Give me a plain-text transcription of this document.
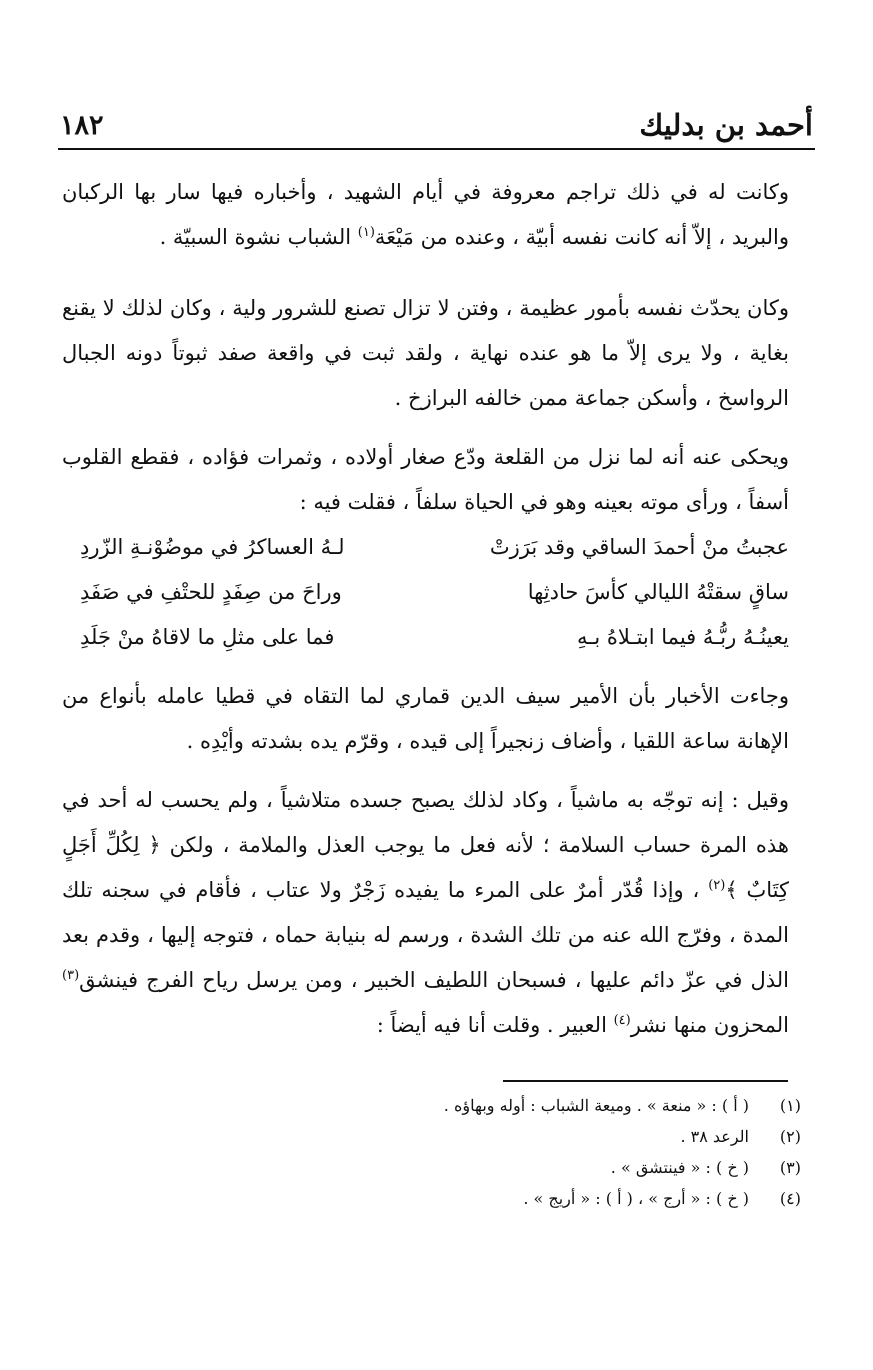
أحمد بن بدليك
١٨٢

وكانت له في ذلك تراجم معروفة في أيام الشهيد ، وأخباره فيها سار بها الركبان والبريد ، إلاّ أنه كانت نفسه أبيّة ، وعنده من مَيْعَة$^{(١)}$ الشباب نشوة السبيّة .

وكان يحدّث نفسه بأمور عظيمة ، وفتن لا تزال تصنع للشرور ولية ، وكان لذلك لا يقنع بغاية ، ولا يرى إلاّ ما هو عنده نهاية ، ولقد ثبت في واقعة صفد ثبوتاً دونه الجبال الرواسخ ، وأسكن جماعة ممن خالفه البرازخ .

ويحكى عنه أنه لما نزل من القلعة ودّع صغار أولاده ، وثمرات فؤاده ، فقطع القلوب أسفاً ، ورأى موته بعينه وهو في الحياة سلفاً ، فقلت فيه :

عجبتُ منْ أحمدَ الساقي وقد بَرَزتْ	لـهُ العساكرُ في موضُوْنـةِ الزّردِ
ساقٍ سقتْهُ الليالي كأسَ حادثِها	وراحَ من صِفَدٍ للحتْفِ في صَفَدِ
يعينُـهُ ربُّـهُ فيما ابتـلاهُ بـهِ	فما على مثلِ ما لاقاهُ منْ جَلَدِ

وجاءت الأخبار بأن الأمير سيف الدين قماري لما التقاه في قطيا عامله بأنواع من الإهانة ساعة اللقيا ، وأضاف زنجيراً إلى قيده ، وقرّم يده بشدته وأيْدِه .

وقيل : إنه توجّه به ماشياً ، وكاد لذلك يصبح جسده متلاشياً ، ولم يحسب له أحد في هذه المرة حساب السلامة ؛ لأنه فعل ما يوجب العذل والملامة ، ولكن ﴿ لِكُلِّ أَجَلٍ كِتَابٌ ﴾$^{(٢)}$ ، وإذا قُدّر أمرٌ على المرء ما يفيده زَجْرٌ ولا عتاب ، فأقام في سجنه تلك المدة ، وفرّج الله عنه من تلك الشدة ، ورسم له بنيابة حماه ، فتوجه إليها ، وقدم بعد الذل في عزّ دائم عليها ، فسبحان اللطيف الخبير ، ومن يرسل رياح الفرج فينشق$^{(٣)}$ المحزون منها نشر$^{(٤)}$ العبير . وقلت أنا فيه أيضاً :

(١)
( أ ) : « منعة » . وميعة الشباب : أوله وبهاؤه .
(٢)
الرعد ٣٨ .
(٣)
( خ ) : « فينتشق » .
(٤)
( خ ) : « أرج » ، ( أ ) : « أريج » .
